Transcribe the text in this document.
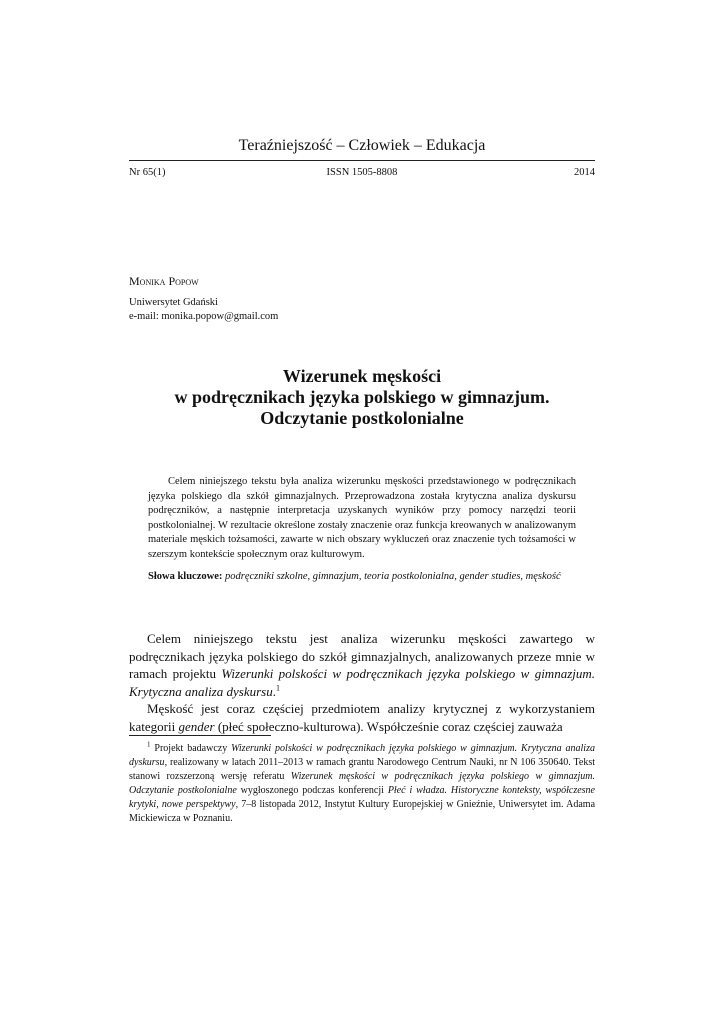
Teraźniejszość – Człowiek – Edukacja
ISSN 1505-8808
Nr 65(1)	2014
Monika Popow
Uniwersytet Gdański
e-mail: monika.popow@gmail.com
Wizerunek męskości
w podręcznikach języka polskiego w gimnazjum.
Odczytanie postkolonialne

Celem niniejszego tekstu była analiza wizerunku męskości przedstawionego w podręcznikach języka polskiego dla szkół gimnazjalnych. Przeprowadzona została krytyczna analiza dyskursu podręczników, a następnie interpretacja uzyskanych wyników przy pomocy narzędzi teorii postkolonialnej. W rezultacie określone zostały znaczenie oraz funkcja kreowanych w analizowanym materiale męskich tożsamości, zawarte w nich obszary wykluczeń oraz znaczenie tych tożsamości w szerszym kontekście społecznym oraz kulturowym.

Słowa kluczowe: podręczniki szkolne, gimnazjum, teoria postkolonialna, gender studies, męskość

Celem niniejszego tekstu jest analiza wizerunku męskości zawartego w podręcznikach języka polskiego do szkół gimnazjalnych, analizowanych przeze mnie w ramach projektu Wizerunki polskości w podręcznikach języka polskiego w gimnazjum. Krytyczna analiza dyskursu.$^1$

Męskość jest coraz częściej przedmiotem analizy krytycznej z wykorzystaniem kategorii gender (płeć społeczno-kulturowa). Współcześnie coraz częściej zauważa

$^1$ Projekt badawczy Wizerunki polskości w podręcznikach języka polskiego w gimnazjum. Krytyczna analiza dyskursu, realizowany w latach 2011–2013 w ramach grantu Narodowego Centrum Nauki, nr N 106 350640. Tekst stanowi rozszerzoną wersję referatu Wizerunek męskości w podręcznikach języka polskiego w gimnazjum. Odczytanie postkolonialne wygłoszonego podczas konferencji Płeć i władza. Historyczne konteksty, współczesne krytyki, nowe perspektywy, 7–8 listopada 2012, Instytut Kultury Europejskiej w Gnieźnie, Uniwersytet im. Adama Mickiewicza w Poznaniu.
